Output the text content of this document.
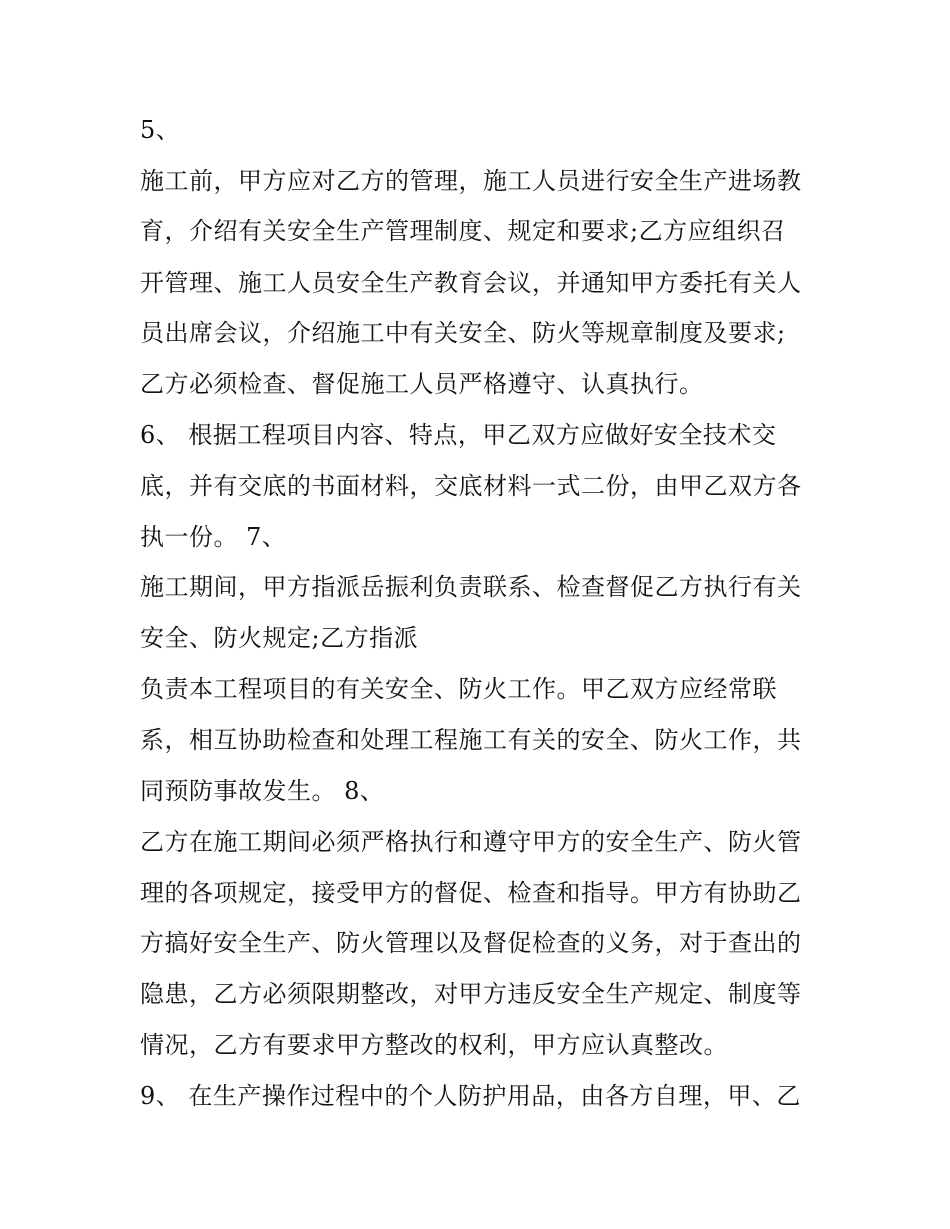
5、
施工前，甲方应对乙方的管理，施工人员进行安全生产进场教
育，介绍有关安全生产管理制度、规定和要求;乙方应组织召
开管理、施工人员安全生产教育会议，并通知甲方委托有关人
员出席会议，介绍施工中有关安全、防火等规章制度及要求;
乙方必须检查、督促施工人员严格遵守、认真执行。
6、 根据工程项目内容、特点，甲乙双方应做好安全技术交
底，并有交底的书面材料，交底材料一式二份，由甲乙双方各
执一份。 7、
施工期间，甲方指派岳振利负责联系、检查督促乙方执行有关
安全、防火规定;乙方指派
负责本工程项目的有关安全、防火工作。甲乙双方应经常联
系，相互协助检查和处理工程施工有关的安全、防火工作，共
同预防事故发生。 8、
乙方在施工期间必须严格执行和遵守甲方的安全生产、防火管
理的各项规定，接受甲方的督促、检查和指导。甲方有协助乙
方搞好安全生产、防火管理以及督促检查的义务，对于查出的
隐患，乙方必须限期整改，对甲方违反安全生产规定、制度等
情况，乙方有要求甲方整改的权利，甲方应认真整改。
9、 在生产操作过程中的个人防护用品，由各方自理，甲、乙
